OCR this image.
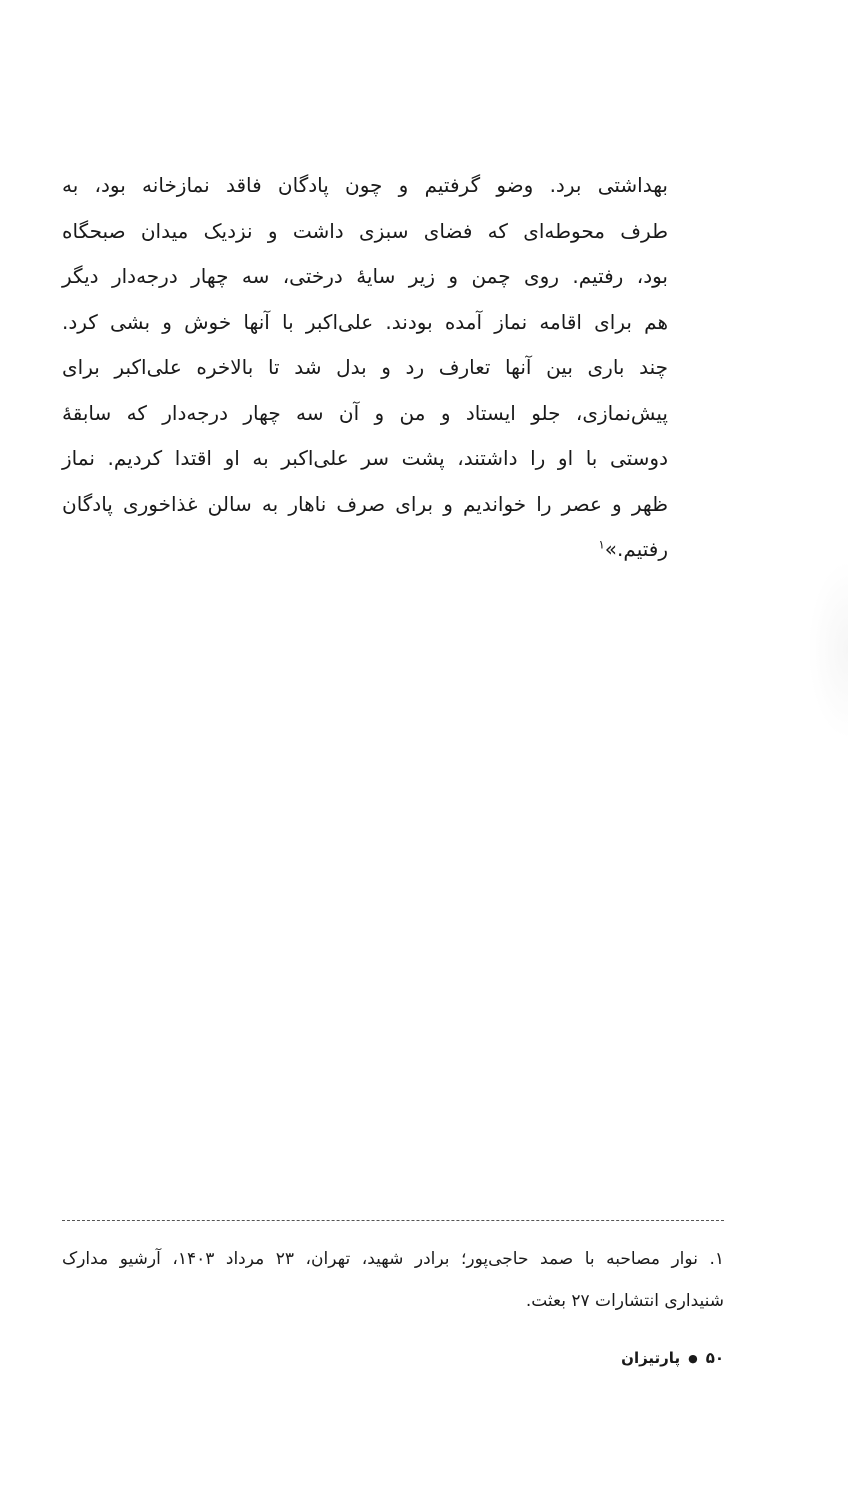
بهداشتی برد. وضو گرفتیم و چون پادگان فاقد نمازخانه بود، به
طرف محوطه‌ای که فضای سبزی داشت و نزدیک میدان صبحگاه
بود، رفتیم. روی چمن و زیر سایهٔ درختی، سه چهار درجه‌دار دیگر
هم برای اقامه نماز آمده بودند. علی‌اکبر با آنها خوش و بشی کرد.
چند باری بین آنها تعارف رد و بدل شد تا بالاخره علی‌اکبر برای
پیش‌نمازی، جلو ایستاد و من و آن سه چهار درجه‌دار که سابقهٔ
دوستی با او را داشتند، پشت سر علی‌اکبر به او اقتدا کردیم. نماز
ظهر و عصر را خواندیم و برای صرف ناهار به سالن غذاخوری پادگان
رفتیم.»$^۱$
۱. نوار مصاحبه با صمد حاجی‌پور؛ برادر شهید، تهران، ۲۳ مرداد ۱۴۰۳، آرشیو مدارک
شنیداری انتشارات ۲۷ بعثت.
۵۰●پارتیزان
